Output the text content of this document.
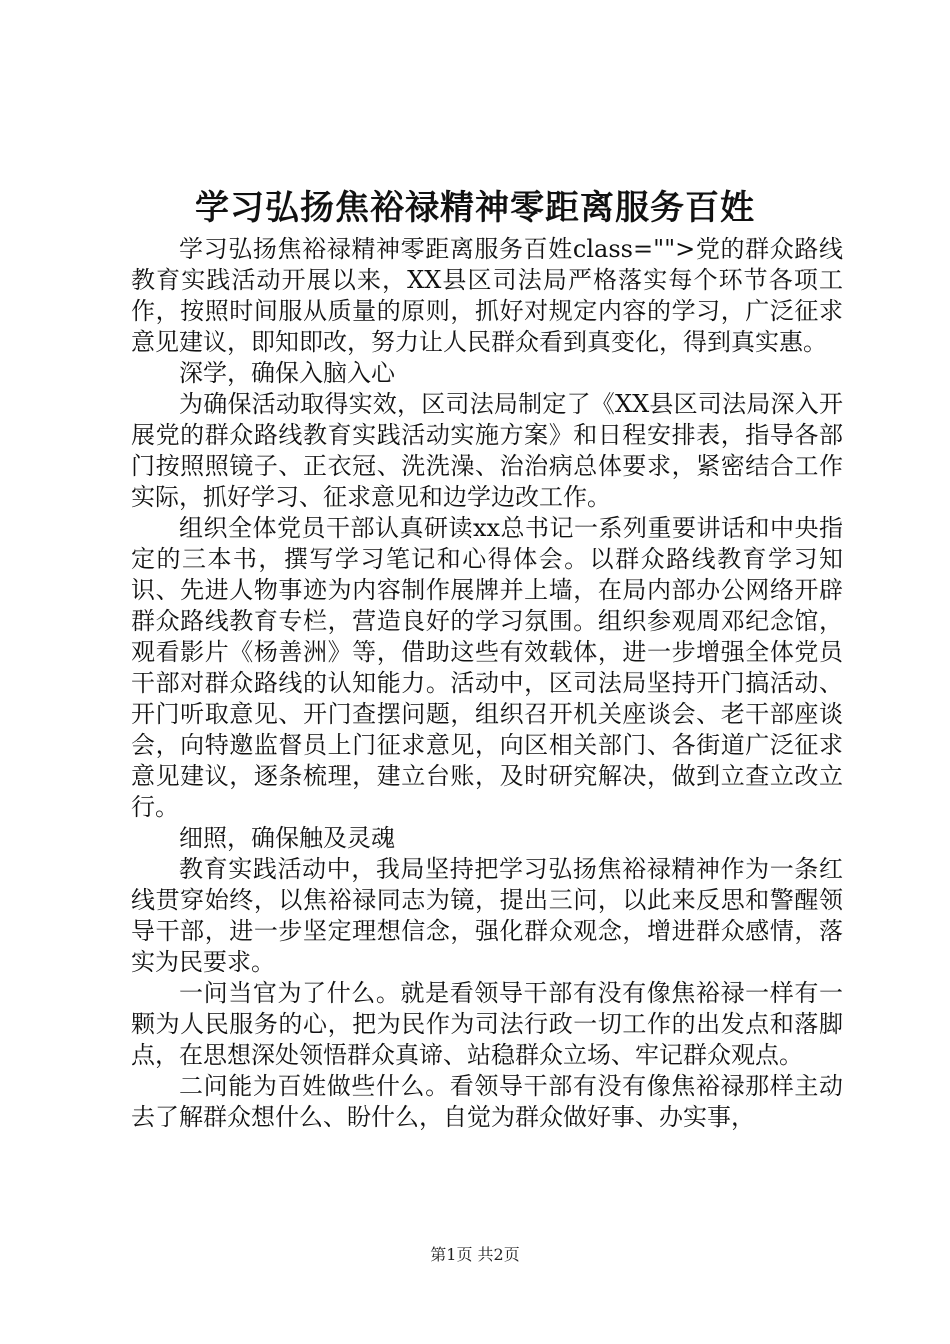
学习弘扬焦裕禄精神零距离服务百姓

学习弘扬焦裕禄精神零距离服务百姓class="">党的群众路线教育实践活动开展以来，XX县区司法局严格落实每个环节各项工作，按照时间服从质量的原则，抓好对规定内容的学习，广泛征求意见建议，即知即改，努力让人民群众看到真变化，得到真实惠。

深学，确保入脑入心

为确保活动取得实效，区司法局制定了《XX县区司法局深入开展党的群众路线教育实践活动实施方案》和日程安排表，指导各部门按照照镜子、正衣冠、洗洗澡、治治病总体要求，紧密结合工作实际，抓好学习、征求意见和边学边改工作。

组织全体党员干部认真研读xx总书记一系列重要讲话和中央指定的三本书，撰写学习笔记和心得体会。以群众路线教育学习知识、先进人物事迹为内容制作展牌并上墙，在局内部办公网络开辟群众路线教育专栏，营造良好的学习氛围。组织参观周邓纪念馆，观看影片《杨善洲》等，借助这些有效载体，进一步增强全体党员干部对群众路线的认知能力。活动中，区司法局坚持开门搞活动、开门听取意见、开门查摆问题，组织召开机关座谈会、老干部座谈会，向特邀监督员上门征求意见，向区相关部门、各街道广泛征求意见建议，逐条梳理，建立台账，及时研究解决，做到立查立改立行。

细照，确保触及灵魂

教育实践活动中，我局坚持把学习弘扬焦裕禄精神作为一条红线贯穿始终，以焦裕禄同志为镜，提出三问，以此来反思和警醒领导干部，进一步坚定理想信念，强化群众观念，增进群众感情，落实为民要求。

一问当官为了什么。就是看领导干部有没有像焦裕禄一样有一颗为人民服务的心，把为民作为司法行政一切工作的出发点和落脚点，在思想深处领悟群众真谛、站稳群众立场、牢记群众观点。

二问能为百姓做些什么。看领导干部有没有像焦裕禄那样主动去了解群众想什么、盼什么，自觉为群众做好事、办实事，

第1页 共2页
